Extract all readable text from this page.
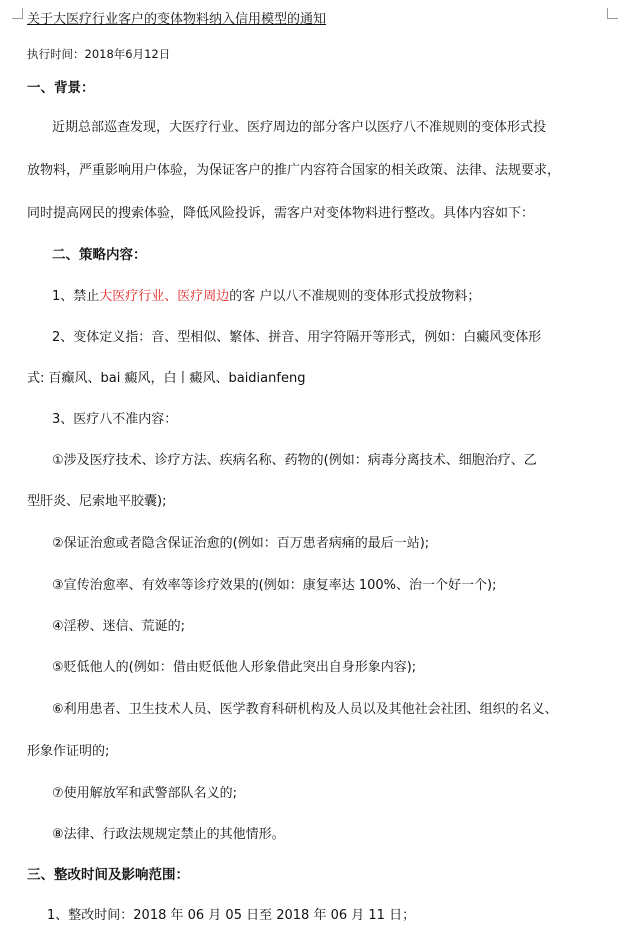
关于大医疗行业客户的变体物料纳入信用模型的通知
执行时间：2018年6月12日
一、背景：
近期总部巡查发现，大医疗行业、医疗周边的部分客户以医疗八不准规则的变体形式投
放物料，严重影响用户体验，为保证客户的推广内容符合国家的相关政策、法律、法规要求，
同时提高网民的搜索体验，降低风险投诉，需客户对变体物料进行整改。具体内容如下：
二、策略内容：
1、禁止大医疗行业、医疗周边的客 户以八不准规则的变体形式投放物料；
2、变体定义指：音、型相似、繁体、拼音、用字符隔开等形式，例如：白癜风变体形
式: 百癫风、bai 癜风，白丨癜风、baidianfeng
3、医疗八不准内容：
①涉及医疗技术、诊疗方法、疾病名称、药物的(例如：病毒分离技术、细胞治疗、乙
型肝炎、尼索地平胶囊);
②保证治愈或者隐含保证治愈的(例如：百万患者病痛的最后一站);
③宣传治愈率、有效率等诊疗效果的(例如：康复率达 100%、治一个好一个);
④淫秽、迷信、荒诞的;
⑤贬低他人的(例如：借由贬低他人形象借此突出自身形象内容);
⑥利用患者、卫生技术人员、医学教育科研机构及人员以及其他社会社团、组织的名义、
形象作证明的;
⑦使用解放军和武警部队名义的;
⑧法律、行政法规规定禁止的其他情形。
三、整改时间及影响范围：
1、整改时间：2018 年 06 月 05 日至 2018 年 06 月 11 日；
